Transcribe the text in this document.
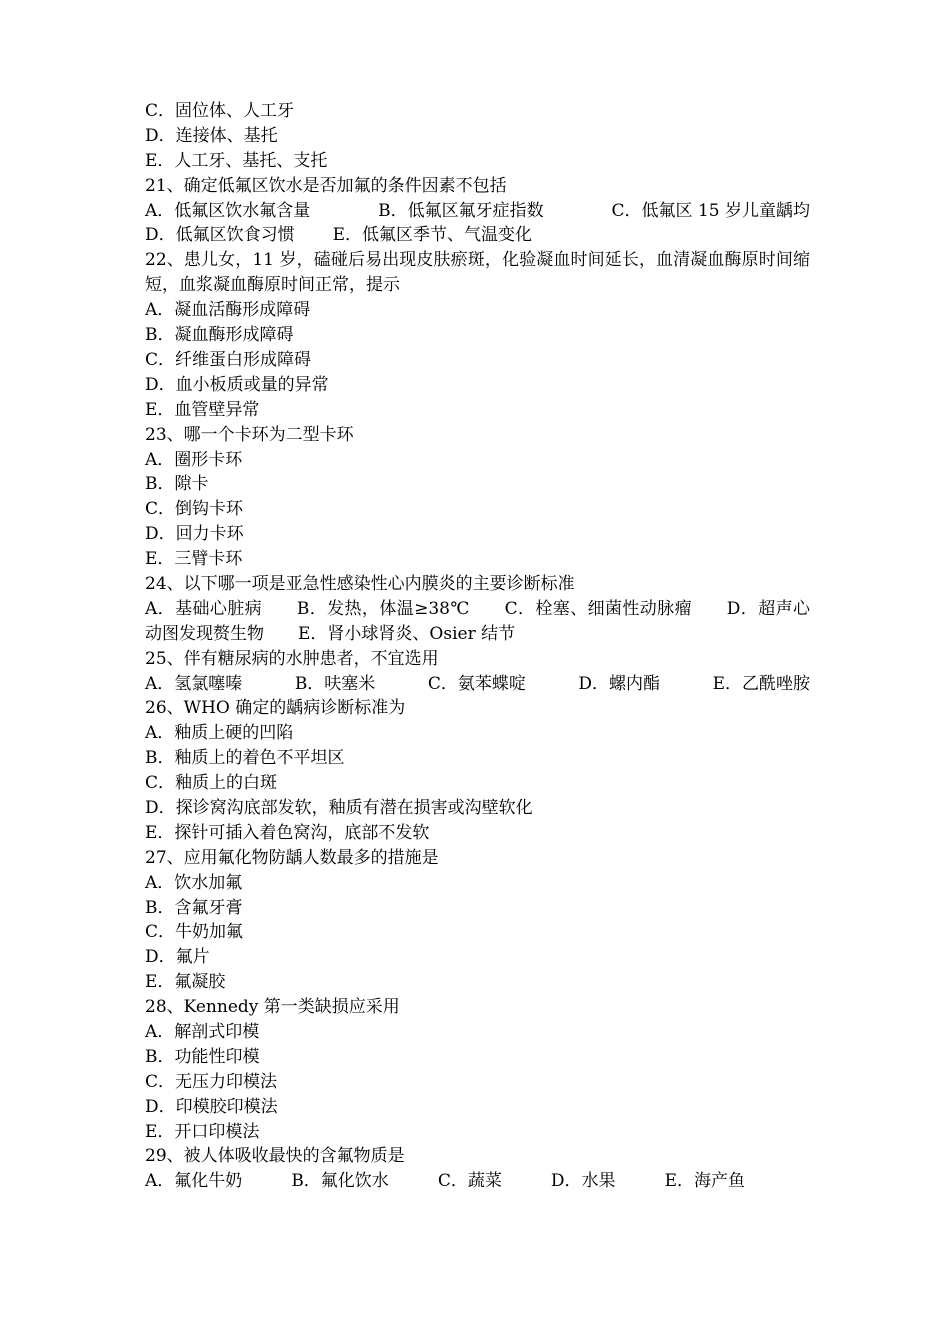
C．固位体、人工牙
D．连接体、基托
E．人工牙、基托、支托
21、确定低氟区饮水是否加氟的条件因素不包括
A．低氟区饮水氟含量	B．低氟区氟牙症指数	C．低氟区 15 岁儿童龋均
D．低氟区饮食习惯 E．低氟区季节、气温变化
22、患儿女，11 岁，磕碰后易出现皮肤瘀斑，化验凝血时间延长，血清凝血酶原时间缩短，血浆凝血酶原时间正常，提示
A．凝血活酶形成障碍
B．凝血酶形成障碍
C．纤维蛋白形成障碍
D．血小板质或量的异常
E．血管壁异常
23、哪一个卡环为二型卡环
A．圈形卡环
B．隙卡
C．倒钩卡环
D．回力卡环
E．三臂卡环
24、以下哪一项是亚急性感染性心内膜炎的主要诊断标准
A．基础心脏病　　B．发热，体温≥38℃　　C．栓塞、细菌性动脉瘤　　D．超声心动图发现赘生物　　E．肾小球肾炎、Osier 结节
25、伴有糖尿病的水肿患者，不宜选用
A．氢氯噻嗪	B．呋塞米	C．氨苯蝶啶	D．螺内酯	E．乙酰唑胺
26、WHO 确定的龋病诊断标准为
A．釉质上硬的凹陷
B．釉质上的着色不平坦区
C．釉质上的白斑
D．探诊窝沟底部发软，釉质有潜在损害或沟壁软化
E．探针可插入着色窝沟，底部不发软
27、应用氟化物防龋人数最多的措施是
A．饮水加氟
B．含氟牙膏
C．牛奶加氟
D．氟片
E．氟凝胶
28、Kennedy 第一类缺损应采用
A．解剖式印模
B．功能性印模
C．无压力印模法
D．印模胶印模法
E．开口印模法
29、被人体吸收最快的含氟物质是
A．氟化牛奶	B．氟化饮水	C．蔬菜	D．水果	E．海产鱼
